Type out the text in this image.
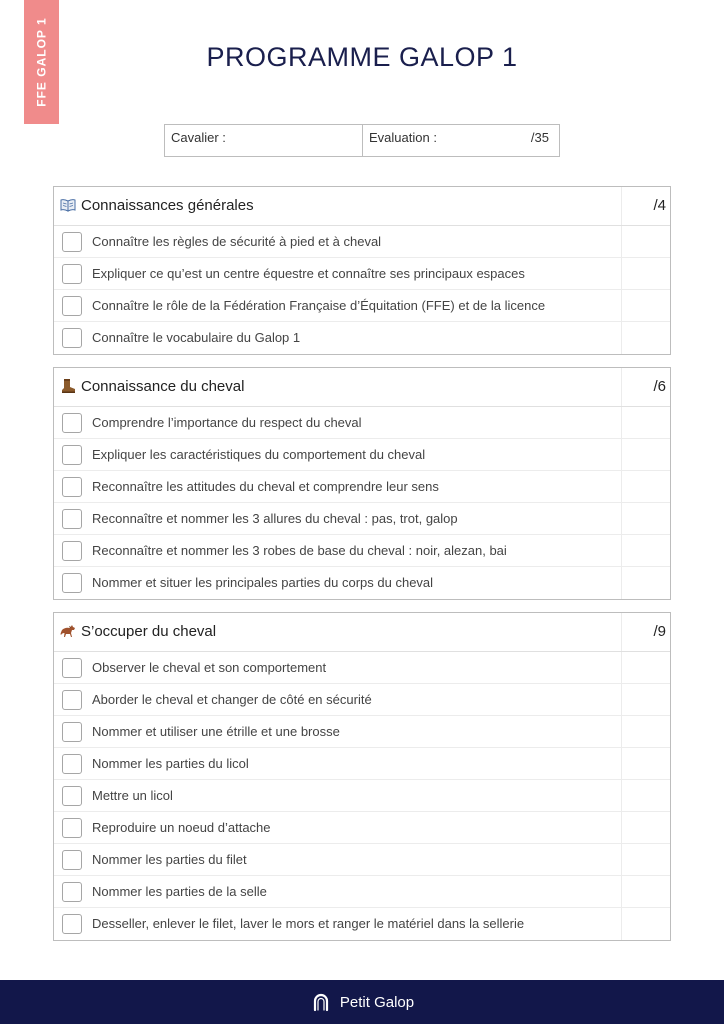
FFE GALOP 1	PROGRAMME GALOP 1
Cavalier :	Evaluation :	/35
Connaissances générales	/4
Connaître les règles de sécurité à pied et à cheval
Expliquer ce qu’est un centre équestre et connaître ses principaux espaces
Connaître le rôle de la Fédération Française d’Équitation (FFE) et de la licence
Connaître le vocabulaire du Galop 1
Connaissance du cheval	/6
Comprendre l’importance du respect du cheval
Expliquer les caractéristiques du comportement du cheval
Reconnaître les attitudes du cheval et comprendre leur sens
Reconnaître et nommer les 3 allures du cheval : pas, trot, galop
Reconnaître et nommer les 3 robes de base du cheval : noir, alezan, bai
Nommer et situer les principales parties du corps du cheval
S’occuper du cheval	/9
Observer le cheval et son comportement
Aborder le cheval et changer de côté en sécurité
Nommer et utiliser une étrille et une brosse
Nommer les parties du licol
Mettre un licol
Reproduire un noeud d’attache
Nommer les parties du filet
Nommer les parties de la selle
Desseller, enlever le filet, laver le mors et ranger le matériel dans la sellerie
Petit Galop
